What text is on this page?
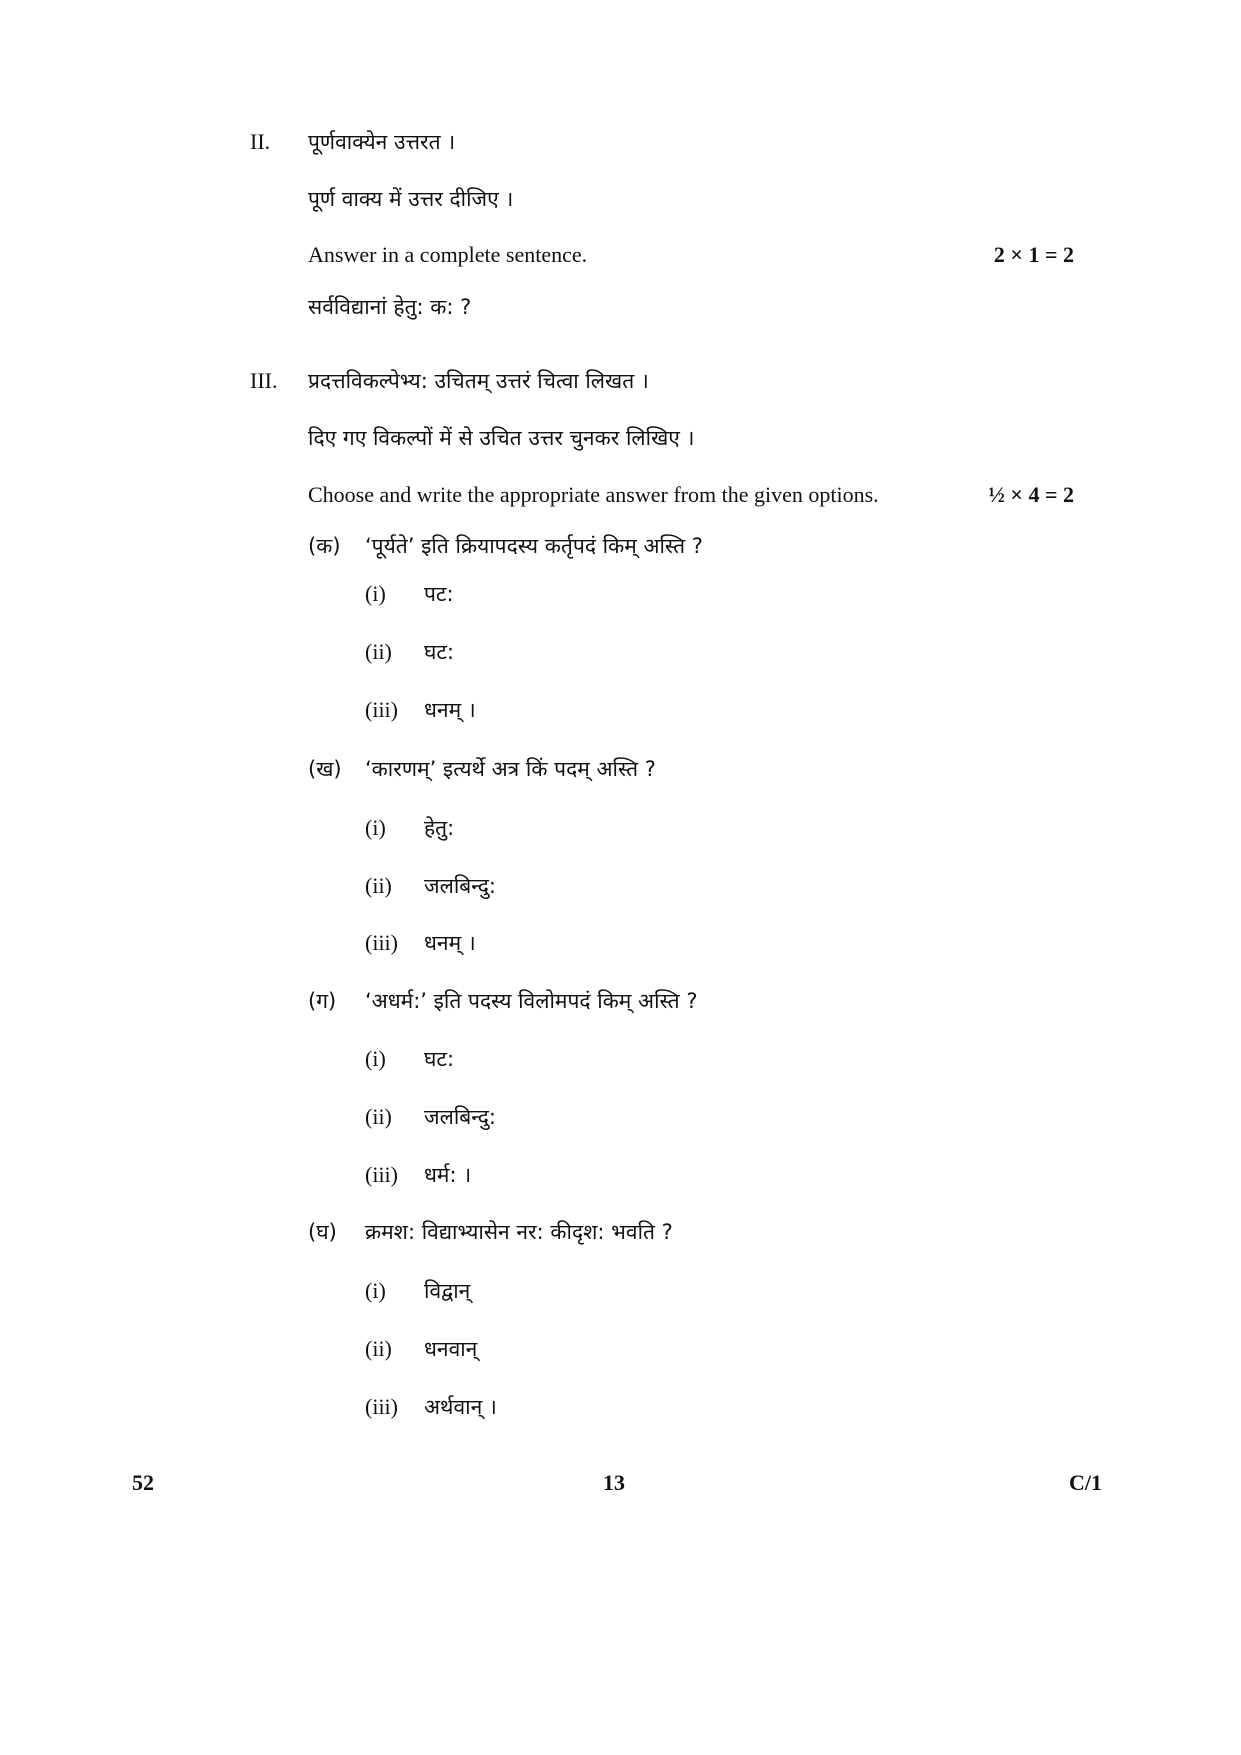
II. पूर्णवाक्येन उत्तरत ।
पूर्ण वाक्य में उत्तर दीजिए ।
Answer in a complete sentence.	2 × 1 = 2
सर्वविद्यानां हेतु: क: ?
III. प्रदत्तविकल्पेभ्य: उचितम् उत्तरं चित्वा लिखत ।
दिए गए विकल्पों में से उचित उत्तर चुनकर लिखिए ।
Choose and write the appropriate answer from the given options.	½ × 4 = 2
(क) ‘पूर्यते’ इति क्रियापदस्य कर्तृपदं किम् अस्ति ?
(i) पट:
(ii) घट:
(iii) धनम् ।
(ख) ‘कारणम्’ इत्यर्थे अत्र किं पदम् अस्ति ?
(i) हेतु:
(ii) जलबिन्दु:
(iii) धनम् ।
(ग) ‘अधर्म:’ इति पदस्य विलोमपदं किम् अस्ति ?
(i) घट:
(ii) जलबिन्दु:
(iii) धर्म: ।
(घ) क्रमश: विद्याभ्यासेन नर: कीदृश: भवति ?
(i) विद्वान्
(ii) धनवान्
(iii) अर्थवान् ।
52	13	C/1
